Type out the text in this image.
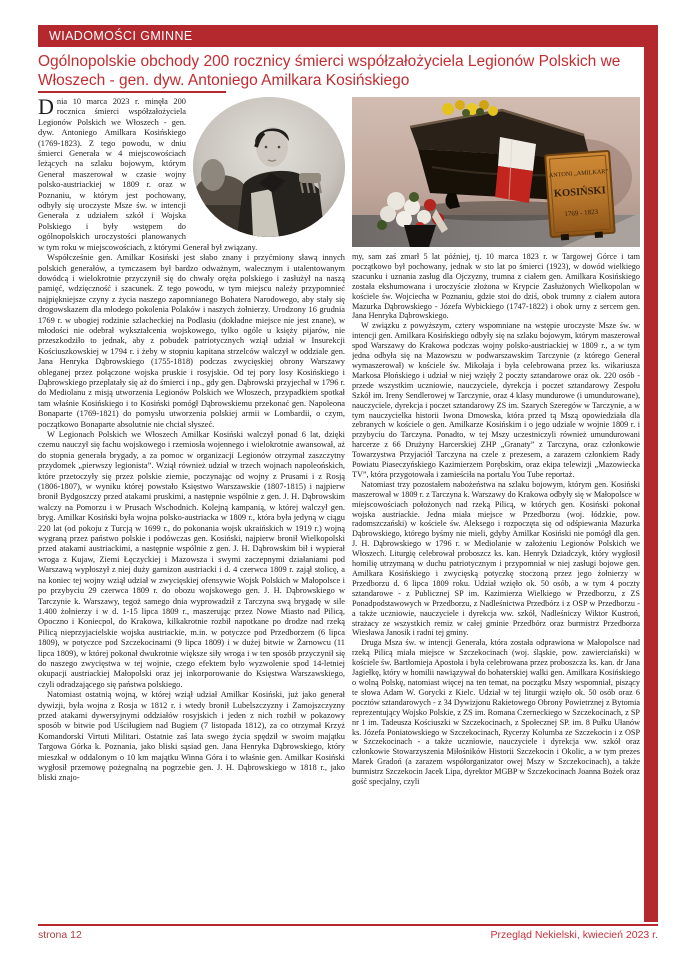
WIADOMOŚCI GMINNE
Ogólnopolskie obchody 200 rocznicy śmierci współzałożyciela Legionów Polskich we Włoszech - gen. dyw. Antoniego Amilkara Kosińskiego

Dnia 10 marca 2023 r. minęła 200 rocznica śmierci współzałożyciela Legionów Polskich we Włoszech - gen. dyw. Antoniego Amilkara Kosińskiego (1769-1823). Z tego powodu, w dniu śmierci Generała w 4 miejscowościach leżących na szlaku bojowym, którym Generał maszerował w czasie wojny polsko-austriackiej w 1809 r. oraz w Poznaniu, w którym jest pochowany, odbyły się uroczyste Msze św. w intencji Generała z udziałem szkół i Wojska Polskiego i były wstępem do ogólnopolskich uroczystości planowanych w tym roku w miejscowościach, z którymi Generał był związany.

Współcześnie gen. Amilkar Kosiński jest słabo znany i przyćmiony sławą innych polskich generałów, a tymczasem był bardzo odważnym, walecznym i utalentowanym dowódcą i wielokrotnie przyczynił się do chwały oręża polskiego i zasłużył na naszą pamięć, wdzięczność i szacunek. Z tego powodu, w tym miejscu należy przypomnieć najpiękniejsze czyny z życia naszego zapomnianego Bohatera Narodowego, aby stały się drogowskazem dla młodego pokolenia Polaków i naszych żołnierzy. Urodzony 16 grudnia 1769 r. w ubogiej rodzinie szlacheckiej na Podlasiu (dokładne miejsce nie jest znane), w młodości nie odebrał wykształcenia wojskowego, tylko ogóle u księży pijarów, nie przeszkodziło to jednak, aby z pobudek patriotycznych wziął udział w Insurekcji Kościuszkowskiej w 1794 r. i żeby w stopniu kapitana strzelców walczył w oddziale gen. Jana Henryka Dąbrowskiego (1755-1818) podczas zwycięskiej obrony Warszawy obleganej przez połączone wojska pruskie i rosyjskie. Od tej pory losy Kosińskiego i Dąbrowskiego przeplatały się aż do śmierci i np., gdy gen. Dąbrowski przyjechał w 1796 r. do Mediolanu z misją utworzenia Legionów Polskich we Włoszech, przypadkiem spotkał tam właśnie Kosińskiego i to Kosiński pomógł Dąbrowskiemu przekonać gen. Napoleona Bonaparte (1769-1821) do pomysłu utworzenia polskiej armii w Lombardii, o czym, początkowo Bonaparte absolutnie nie chciał słyszeć.

W Legionach Polskich we Włoszech Amilkar Kosiński walczył ponad 6 lat, dzięki czemu nauczył się fachu wojskowego i rzemiosła wojennego i wielokrotnie awansował, aż do stopnia generała brygady, a za pomoc w organizacji Legionów otrzymał zaszczytny przydomek „pierwszy legionista”. Wziął również udział w trzech wojnach napoleońskich, które przetoczyły się przez polskie ziemie, poczynając od wojny z Prusami i z Rosją (1806-1807), w wyniku której powstało Księstwo Warszawskie (1807-1815) i najpierw bronił Bydgoszczy przed atakami pruskimi, a następnie wspólnie z gen. J. H. Dąbrowskim walczy na Pomorzu i w Prusach Wschodnich. Kolejną kampanią, w której walczył gen. bryg. Amilkar Kosiński była wojna polsko-austriacka w 1809 r., która była jedyną w ciągu 220 lat (od pokoju z Turcją w 1699 r., do pokonania wojsk ukraińskich w 1919 r.) wojną wygraną przez państwo polskie i podówczas gen. Kosiński, najpierw bronił Wielkopolski przed atakami austriackimi, a następnie wspólnie z gen. J. H. Dąbrowskim bił i wypierał wroga z Kujaw, Ziemi Łęczyckiej i Mazowsza i swymi zaczepnymi działaniami pod Warszawą wypłoszył z niej duży garnizon austriacki i d. 4 czerwca 1809 r. zajął stolicę, a na koniec tej wojny wziął udział w zwycięskiej ofensywie Wojsk Polskich w Małopolsce i po przybyciu 29 czerwca 1809 r. do obozu wojskowego gen. J. H. Dąbrowskiego w Tarczynie k. Warszawy, tegoż samego dnia wyprowadził z Tarczyna swą brygadę w sile 1.400 żołnierzy i w d. 1-15 lipca 1809 r., maszerując przez Nowe Miasto nad Pilicą, Opoczno i Koniecpol, do Krakowa, kilkakrotnie rozbił napotkane po drodze nad rzeką Pilicą nieprzyjacielskie wojska austriackie, m.in. w potyczce pod Przedborzem (6 lipca 1809), w potyczce pod Szczekocinami (9 lipca 1809) i w dużej bitwie w Żarnowcu (11 lipca 1809), w której pokonał dwukrotnie większe siły wroga i w ten sposób przyczynił się do naszego zwycięstwa w tej wojnie, czego efektem było wyzwolenie spod 14-letniej okupacji austriackiej Małopolski oraz jej inkorporowanie do Księstwa Warszawskiego, czyli odradzającego się państwa polskiego.

Natomiast ostatnią wojną, w której wziął udział Amilkar Kosiński, już jako generał dywizji, była wojna z Rosja w 1812 r. i wtedy bronił Lubelszczyzny i Zamojszczyzny przed atakami dywersyjnymi oddziałów rosyjskich i jeden z nich rozbił w pokazowy sposób w bitwie pod Uściługiem nad Bugiem (7 listopada 1812), za co otrzymał Krzyż Komandorski Virtuti Militari. Ostatnie zaś lata swego życia spędził w swoim majątku Targowa Górka k. Poznania, jako bliski sąsiad gen. Jana Henryka Dąbrowskiego, który mieszkał w oddalonym o 10 km majątku Winna Góra i to właśnie gen. Amilkar Kosiński wygłosił przemowę pożegnalną na pogrzebie gen. J. H. Dąbrowskiego w 1818 r., jako bliski znajo-

ANTONI „AMILKAR”
KOSIŃSKI
1769 - 1823

my, sam zaś zmarł 5 lat później, tj. 10 marca 1823 r. w Targowej Górce i tam początkowo był pochowany, jednak w sto lat po śmierci (1923), w dowód wielkiego szacunku i uznania zasług dla Ojczyzny, trumna z ciałem gen. Amilkara Kosińskiego została ekshumowana i uroczyście złożona w Krypcie Zasłużonych Wielkopolan w kościele św. Wojciecha w Poznaniu, gdzie stoi do dziś, obok trumny z ciałem autora Mazurka Dąbrowskiego - Józefa Wybickiego (1747-1822) i obok urny z sercem gen. Jana Henryka Dąbrowskiego.

W związku z powyższym, cztery wspomniane na wstępie uroczyste Msze św. w intencji gen. Amilkara Kosińskiego odbyły się na szlaku bojowym, którym maszerował spod Warszawy do Krakowa podczas wojny polsko-austriackiej w 1809 r., a w tym jedna odbyła się na Mazowszu w podwarszawskim Tarczynie (z którego Generał wymaszerował) w kościele św. Mikołaja i była celebrowana przez ks. wikariusza Markosa Płońskiego i udział w niej wzięły 2 poczty sztandarowe oraz ok. 220 osób - przede wszystkim uczniowie, nauczyciele, dyrekcja i poczet sztandarowy Zespołu Szkół im. Ireny Sendlerowej w Tarczynie, oraz 4 klasy mundurowe (i umundurowane), nauczyciele, dyrekcja i poczet sztandarowy ZS im. Szarych Szeregów w Tarczynie, a w tym nauczycielka historii Iwona Dmowska, która przed tą Mszą opowiedziała dla zebranych w kościele o gen. Amilkarze Kosińskim i o jego udziale w wojnie 1809 r. i przybyciu do Tarczyna. Ponadto, w tej Mszy uczestniczyli również umundurowani harcerze z 66 Drużyny Harcerskiej ZHP „Granaty” z Tarczyna, oraz członkowie Towarzystwa Przyjaciół Tarczyna na czele z prezesem, a zarazem członkiem Rady Powiatu Piaseczyńskiego Kazimierzem Porębskim, oraz ekipa telewizji „Mazowiecka TV”, która przygotowała i zamieściła na portalu You Tube reportaż.

Natomiast trzy pozostałem nabożeństwa na szlaku bojowym, którym gen. Kosiński maszerował w 1809 r. z Tarczyna k. Warszawy do Krakowa odbyły się w Małopolsce w miejscowościach położonych nad rzeką Pilicą, w których gen. Kosiński pokonał wojska austriackie. Jedna miała miejsce w Przedborzu (woj. łódzkie, pow. radomszczański) w kościele św. Aleksego i rozpoczęta się od odśpiewania Mazurka Dąbrowskiego, którego byśmy nie mieli, gdyby Amilkar Kosiński nie pomógł dla gen. J. H. Dąbrowskiego w 1796 r. w Mediolanie w założeniu Legionów Polskich we Włoszech. Liturgię celebrował proboszcz ks. kan. Henryk Dziadczyk, który wygłosił homilię utrzymaną w duchu patriotycznym i przypomniał w niej zasługi bojowe gen. Amilkara Kosińskiego i zwycięską potyczkę stoczoną przez jego żołnierzy w Przedborzu d. 6 lipca 1809 roku. Udział wzięło ok. 50 osób, a w tym 4 poczty sztandarowe - z Publicznej SP im. Kazimierza Wielkiego w Przedborzu, z ZS Ponadpodstawowych w Przedborzu, z Nadleśnictwa Przedbórz i z OSP w Przedborzu - a także uczniowie, nauczyciele i dyrekcja ww. szkół, Nadleśniczy Wiktor Kustroń, strażacy ze wszystkich remiz w całej gminie Przedbórz oraz burmistrz Przedborza Wiesława Janosik i radni tej gminy.

Druga Msza św. w intencji Generała, która została odprawiona w Małopolsce nad rzeką Pilicą miała miejsce w Szczekocinach (woj. śląskie, pow. zawierciański) w kościele św. Bartłomieja Apostoła i była celebrowana przez proboszcza ks. kan. dr Jana Jagiełkę, który w homilii nawiązywał do bohaterskiej walki gen. Amilkara Kosińskiego o wolną Polskę, natomiast więcej na ten temat, na początku Mszy wspomniał, piszący te słowa Adam W. Gorycki z Kielc. Udział w tej liturgii wzięło ok. 50 osób oraz 6 pocztów sztandarowych - z 34 Dywizjonu Rakietowego Obrony Powietrznej z Bytomia reprezentujący Wojsko Polskie, z ZS im. Romana Czerneckiego w Szczekocinach, z SP nr 1 im. Tadeusza Kościuszki w Szczekocinach, z Społecznej SP. im. 8 Pułku Ułanów ks. Józefa Poniatowskiego w Szczekocinach, Rycerzy Kolumba ze Szczekocin i z OSP w Szczekocinach - a także uczniowie, nauczyciele i dyrekcja ww. szkół oraz członkowie Stowarzyszenia Miłośników Historii Szczekocin i Okolic, a w tym prezes Marek Gradoń (a zarazem współorganizator owej Mszy w Szczekocinach), a także burmistrz Szczekocin Jacek Lipa, dyrektor MGBP w Szczekocinach Joanna Bożek oraz gość specjalny, czyli

strona 12	Przegląd Nekielski, kwiecień 2023 r.
